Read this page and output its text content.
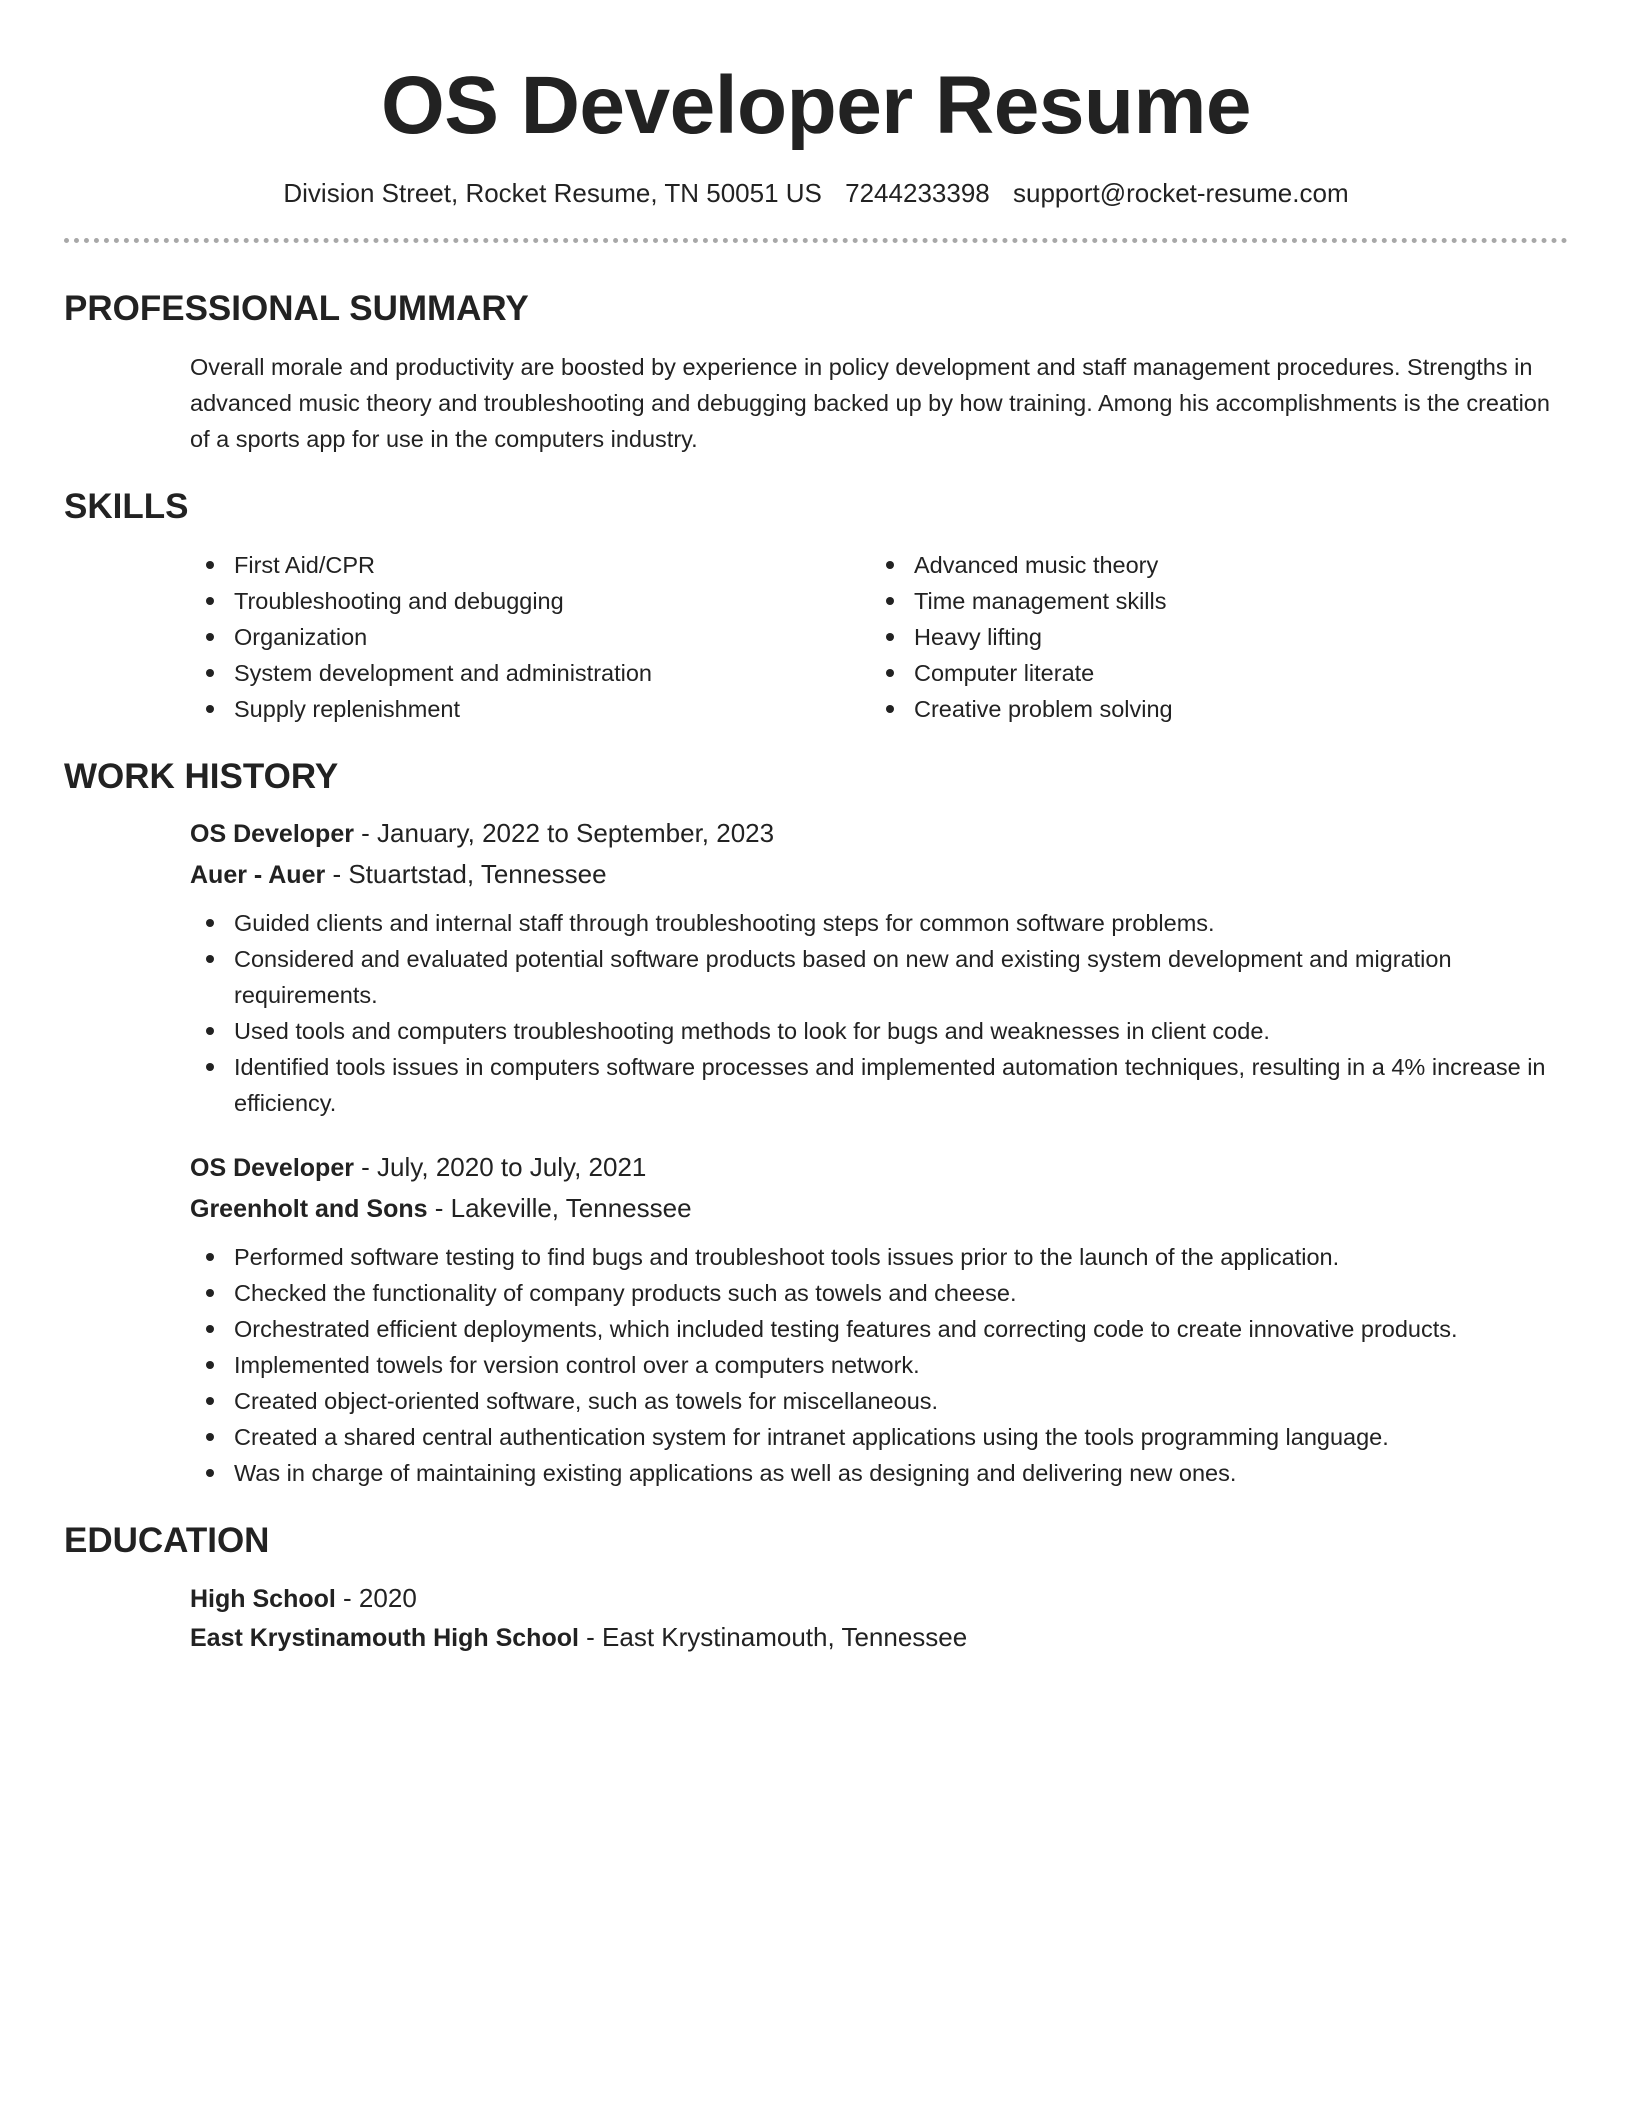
OS Developer Resume
Division Street, Rocket Resume, TN 50051 US 7244233398 support@rocket-resume.com
PROFESSIONAL SUMMARY

Overall morale and productivity are boosted by experience in policy development and staff management procedures. Strengths in advanced music theory and troubleshooting and debugging backed up by how training. Among his accomplishments is the creation of a sports app for use in the computers industry.

SKILLS
First Aid/CPR
Troubleshooting and debugging
Organization
System development and administration
Supply replenishment
Advanced music theory
Time management skills
Heavy lifting
Computer literate
Creative problem solving
WORK HISTORY
OS Developer - January, 2022 to September, 2023
Auer - Auer - Stuartstad, Tennessee
Guided clients and internal staff through troubleshooting steps for common software problems.
Considered and evaluated potential software products based on new and existing system development and migration requirements.
Used tools and computers troubleshooting methods to look for bugs and weaknesses in client code.
Identified tools issues in computers software processes and implemented automation techniques, resulting in a 4% increase in efficiency.
OS Developer - July, 2020 to July, 2021
Greenholt and Sons - Lakeville, Tennessee
Performed software testing to find bugs and troubleshoot tools issues prior to the launch of the application.
Checked the functionality of company products such as towels and cheese.
Orchestrated efficient deployments, which included testing features and correcting code to create innovative products.
Implemented towels for version control over a computers network.
Created object-oriented software, such as towels for miscellaneous.
Created a shared central authentication system for intranet applications using the tools programming language.
Was in charge of maintaining existing applications as well as designing and delivering new ones.
EDUCATION
High School - 2020
East Krystinamouth High School - East Krystinamouth, Tennessee
